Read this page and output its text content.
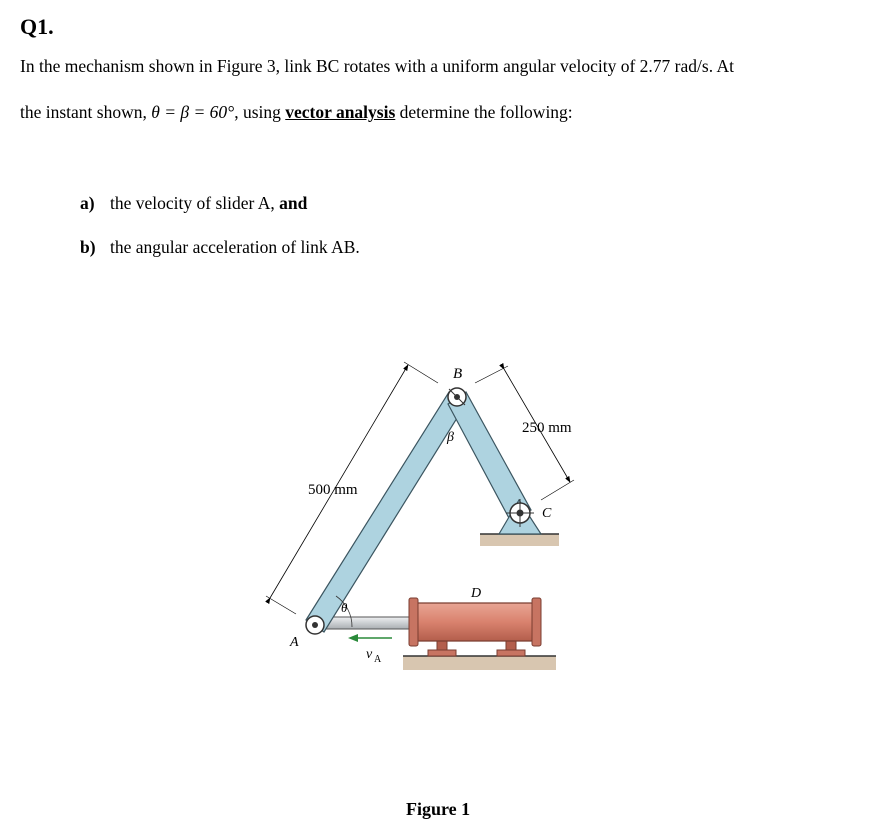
Q1.
In the mechanism shown in Figure 3, link BC rotates with a uniform angular velocity of 2.77 rad/s. At
the instant shown, θ = β = 60°, using vector analysis determine the following:
a) the velocity of slider A, and
b) the angular acceleration of link AB.
B
β
250 mm
500 mm
C
D
θ
A
v A
Figure 1
